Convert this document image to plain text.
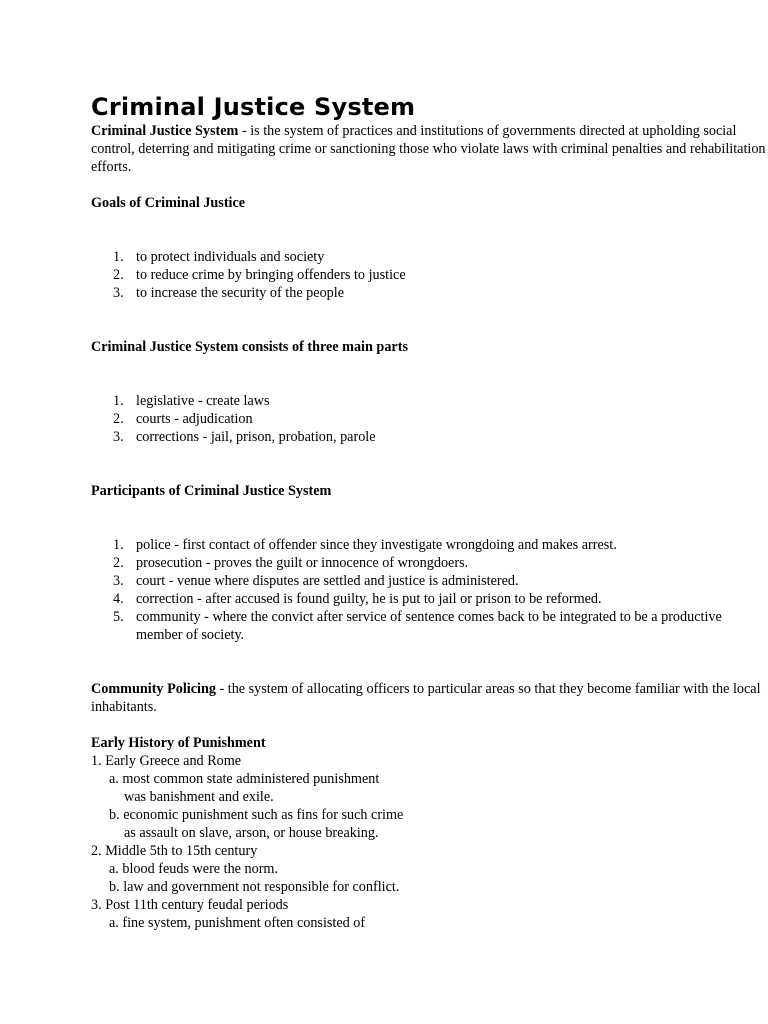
Criminal Justice System

Criminal Justice System - is the system of practices and institutions of governments directed at upholding social control, deterring and mitigating crime or sanctioning those who violate laws with criminal penalties and rehabilitation efforts.

Goals of Criminal Justice

1. to protect individuals and society
2. to reduce crime by bringing offenders to justice
3. to increase the security of the people

Criminal Justice System consists of three main parts

1. legislative - create laws
2. courts - adjudication
3. corrections - jail, prison, probation, parole

Participants of Criminal Justice System

1. police - first contact of offender since they investigate wrongdoing and makes arrest.
2. prosecution - proves the guilt or innocence of wrongdoers.
3. court - venue where disputes are settled and justice is administered.
4. correction - after accused is found guilty, he is put to jail or prison to be reformed.
5. community - where the convict after service of sentence comes back to be integrated to be a productive member of society.

Community Policing - the system of allocating officers to particular areas so that they become familiar with the local inhabitants.

Early History of Punishment

1. Early Greece and Rome

a. most common state administered punishment

was banishment and exile.

b. economic punishment such as fins for such crime

as assault on slave, arson, or house breaking.

2. Middle 5th to 15th century

a. blood feuds were the norm.

b. law and government not responsible for conflict.

3. Post 11th century feudal periods

a. fine system, punishment often consisted of
